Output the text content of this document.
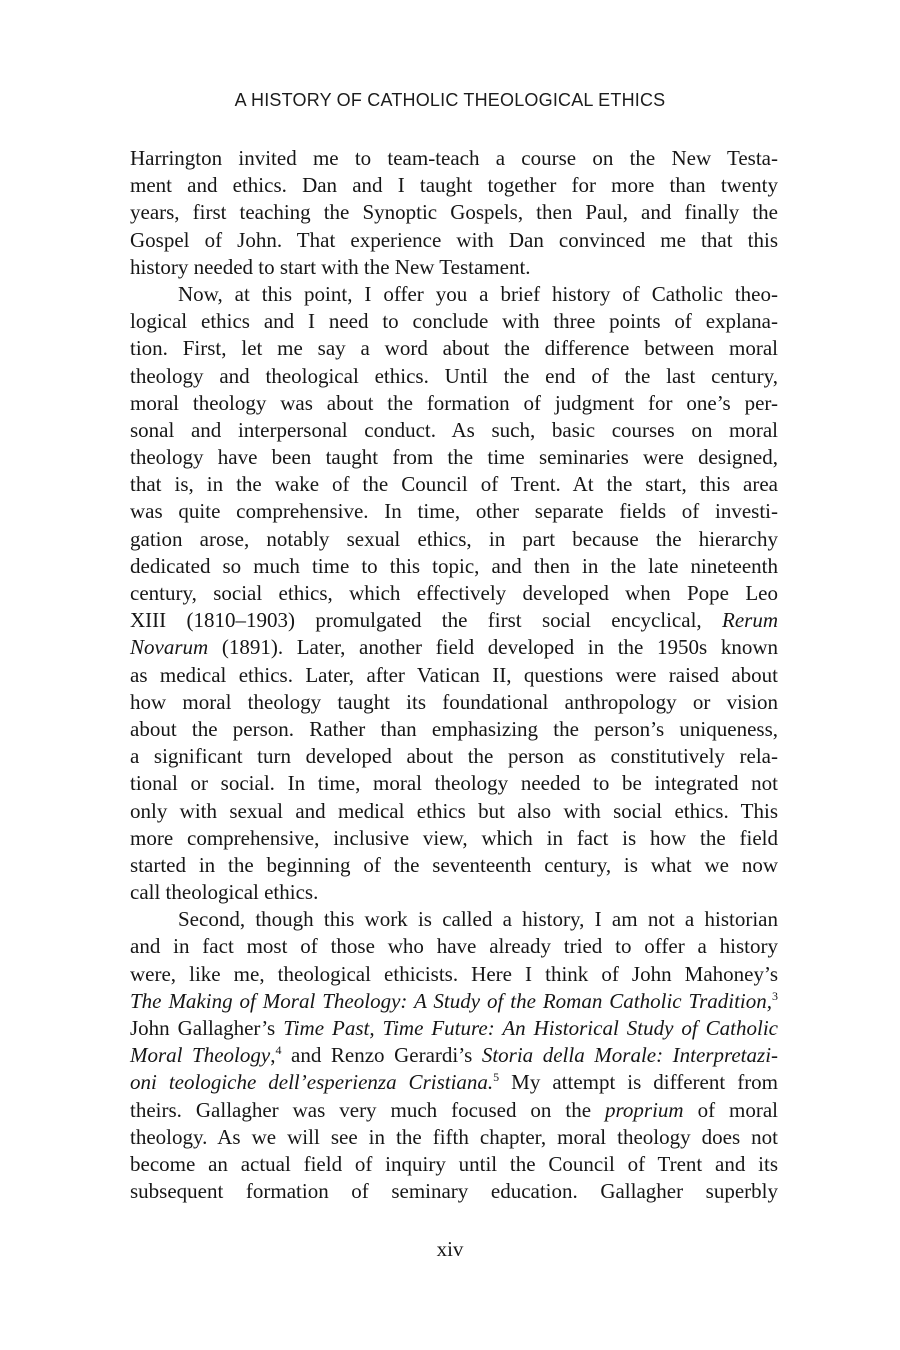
A HISTORY OF CATHOLIC THEOLOGICAL ETHICS
Harrington invited me to team-teach a course on the New Testa-
ment and ethics. Dan and I taught together for more than twenty
years, first teaching the Synoptic Gospels, then Paul, and finally the
Gospel of John. That experience with Dan convinced me that this
history needed to start with the New Testament.
Now, at this point, I offer you a brief history of Catholic theo-
logical ethics and I need to conclude with three points of explana-
tion. First, let me say a word about the difference between moral
theology and theological ethics. Until the end of the last century,
moral theology was about the formation of judgment for one’s per-
sonal and interpersonal conduct. As such, basic courses on moral
theology have been taught from the time seminaries were designed,
that is, in the wake of the Council of Trent. At the start, this area
was quite comprehensive. In time, other separate fields of investi-
gation arose, notably sexual ethics, in part because the hierarchy
dedicated so much time to this topic, and then in the late nineteenth
century, social ethics, which effectively developed when Pope Leo
XIII (1810–1903) promulgated the first social encyclical, Rerum
Novarum (1891). Later, another field developed in the 1950s known
as medical ethics. Later, after Vatican II, questions were raised about
how moral theology taught its foundational anthropology or vision
about the person. Rather than emphasizing the person’s uniqueness,
a significant turn developed about the person as constitutively rela-
tional or social. In time, moral theology needed to be integrated not
only with sexual and medical ethics but also with social ethics. This
more comprehensive, inclusive view, which in fact is how the field
started in the beginning of the seventeenth century, is what we now
call theological ethics.
Second, though this work is called a history, I am not a historian
and in fact most of those who have already tried to offer a history
were, like me, theological ethicists. Here I think of John Mahoney’s
The Making of Moral Theology: A Study of the Roman Catholic Tradition,$^3$
John Gallagher’s Time Past, Time Future: An Historical Study of Catholic
Moral Theology,$^4$ and Renzo Gerardi’s Storia della Morale: Interpretazi-
oni teologiche dell’esperienza Cristiana.$^5$ My attempt is different from
theirs. Gallagher was very much focused on the proprium of moral
theology. As we will see in the fifth chapter, moral theology does not
become an actual field of inquiry until the Council of Trent and its
subsequent formation of seminary education. Gallagher superbly
xiv
